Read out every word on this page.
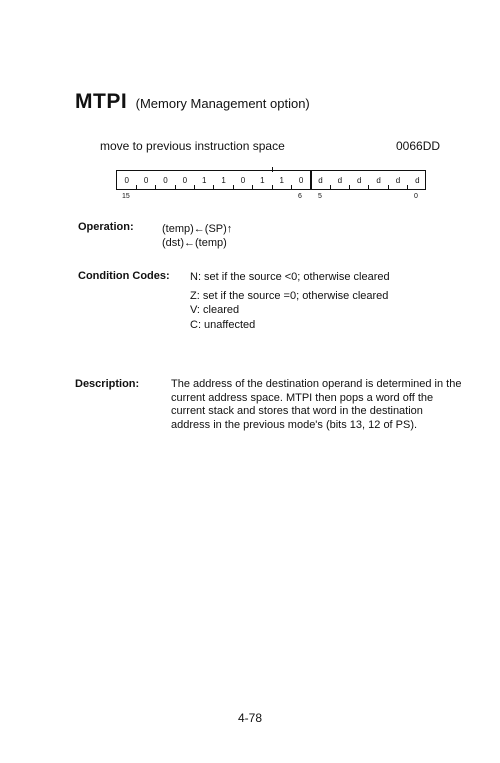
MTPI (Memory Management option)
move to previous instruction space	0066DD
0	0	0	0	1	1	0	1	1	0	d	d	d	d	d	d
15	6 5	0
Operation:	(temp)←(SP)↑
(dst)←(temp)
Condition Codes: N: set if the source <0; otherwise cleared
Z: set if the source =0; otherwise cleared
V: cleared
C: unaffected
Description:	The address of the destination operand is determined in the current address space. MTPI then pops a word off the current stack and stores that word in the destination address in the previous mode's (bits 13, 12 of PS).
4-78
